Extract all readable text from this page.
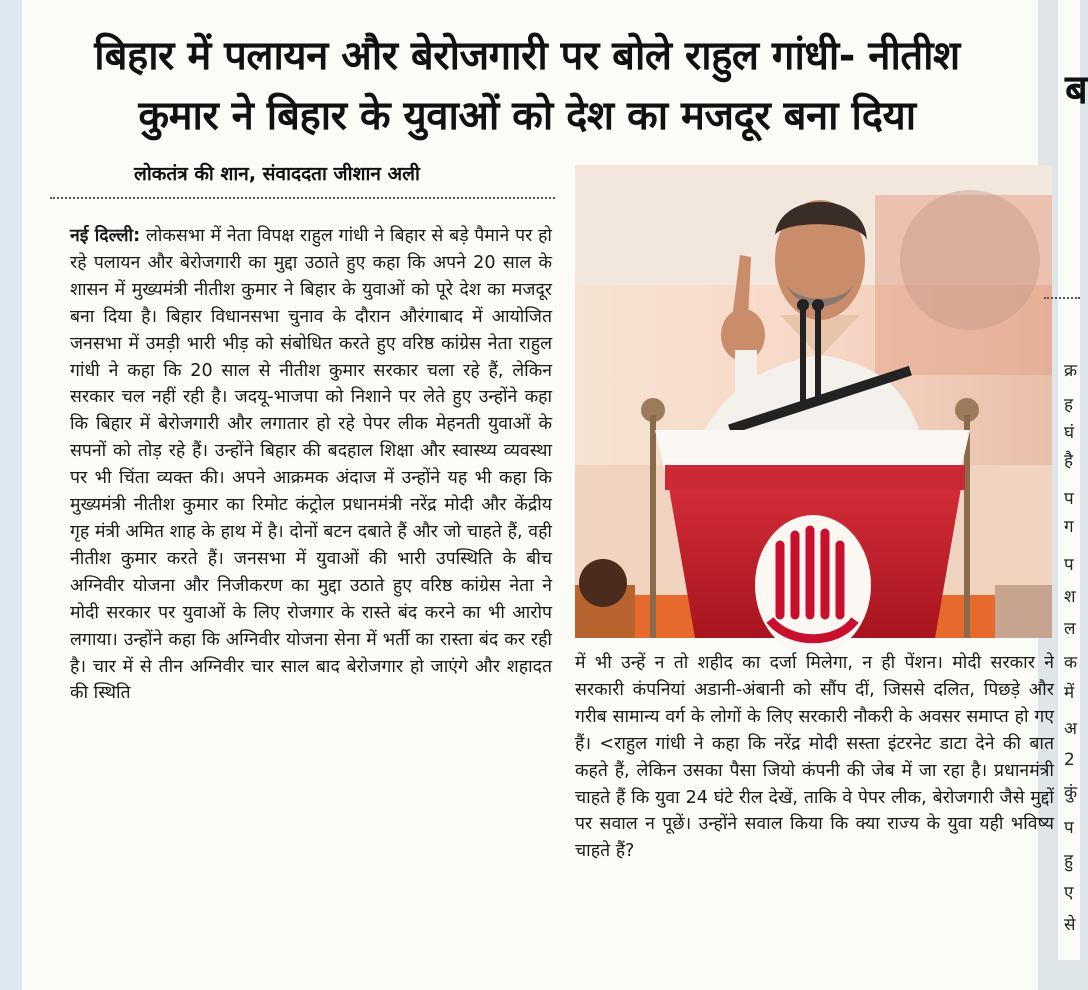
बिहार में पलायन और बेरोजगारी पर बोले राहुल गांधी- नीतीश
कुमार ने बिहार के युवाओं को देश का मजदूर बना दिया
लोकतंत्र की शान, संवाददता जीशान अली
नई दिल्ली: लोकसभा में नेता विपक्ष राहुल गांधी ने बिहार से बड़े पैमाने पर हो रहे पलायन और बेरोजगारी का मुद्दा उठाते हुए कहा कि अपने 20 साल के शासन में मुख्यमंत्री नीतीश कुमार ने बिहार के युवाओं को पूरे देश का मजदूर बना दिया है। बिहार विधानसभा चुनाव के दौरान औरंगाबाद में आयोजित जनसभा में उमड़ी भारी भीड़ को संबोधित करते हुए वरिष्ठ कांग्रेस नेता राहुल गांधी ने कहा कि 20 साल से नीतीश कुमार सरकार चला रहे हैं, लेकिन सरकार चल नहीं रही है। जदयू-भाजपा को निशाने पर लेते हुए उन्होंने कहा कि बिहार में बेरोजगारी और लगातार हो रहे पेपर लीक मेहनती युवाओं के सपनों को तोड़ रहे हैं। उन्होंने बिहार की बदहाल शिक्षा और स्वास्थ्य व्यवस्था पर भी चिंता व्यक्त की। अपने आक्रमक अंदाज में उन्होंने यह भी कहा कि मुख्यमंत्री नीतीश कुमार का रिमोट कंट्रोल प्रधानमंत्री नरेंद्र मोदी और केंद्रीय गृह मंत्री अमित शाह के हाथ में है। दोनों बटन दबाते हैं और जो चाहते हैं, वही नीतीश कुमार करते हैं। जनसभा में युवाओं की भारी उपस्थिति के बीच अग्निवीर योजना और निजीकरण का मुद्दा उठाते हुए वरिष्ठ कांग्रेस नेता ने मोदी सरकार पर युवाओं के लिए रोजगार के रास्ते बंद करने का भी आरोप लगाया। उन्होंने कहा कि अग्निवीर योजना सेना में भर्ती का रास्ता बंद कर रही है। चार में से तीन अग्निवीर चार साल बाद बेरोजगार हो जाएंगे और शहादत की स्थिति
में भी उन्हें न तो शहीद का दर्जा मिलेगा, न ही पेंशन। मोदी सरकार ने सरकारी कंपनियां अडानी-अंबानी को सौंप दीं, जिससे दलित, पिछड़े और गरीब सामान्य वर्ग के लोगों के लिए सरकारी नौकरी के अवसर समाप्त हो गए हैं। <राहुल गांधी ने कहा कि नरेंद्र मोदी सस्ता इंटरनेट डाटा देने की बात कहते हैं, लेकिन उसका पैसा जियो कंपनी की जेब में जा रहा है। प्रधानमंत्री चाहते हैं कि युवा 24 घंटे रील देखें, ताकि वे पेपर लीक, बेरोजगारी जैसे मुद्दों पर सवाल न पूछें। उन्होंने सवाल किया कि क्या राज्य के युवा यही भविष्य चाहते हैं?
ब
क्र
ह
घं
है
प
ग
प
श
ल
क
में
अ
2
कुं
प
हु
ए
से
